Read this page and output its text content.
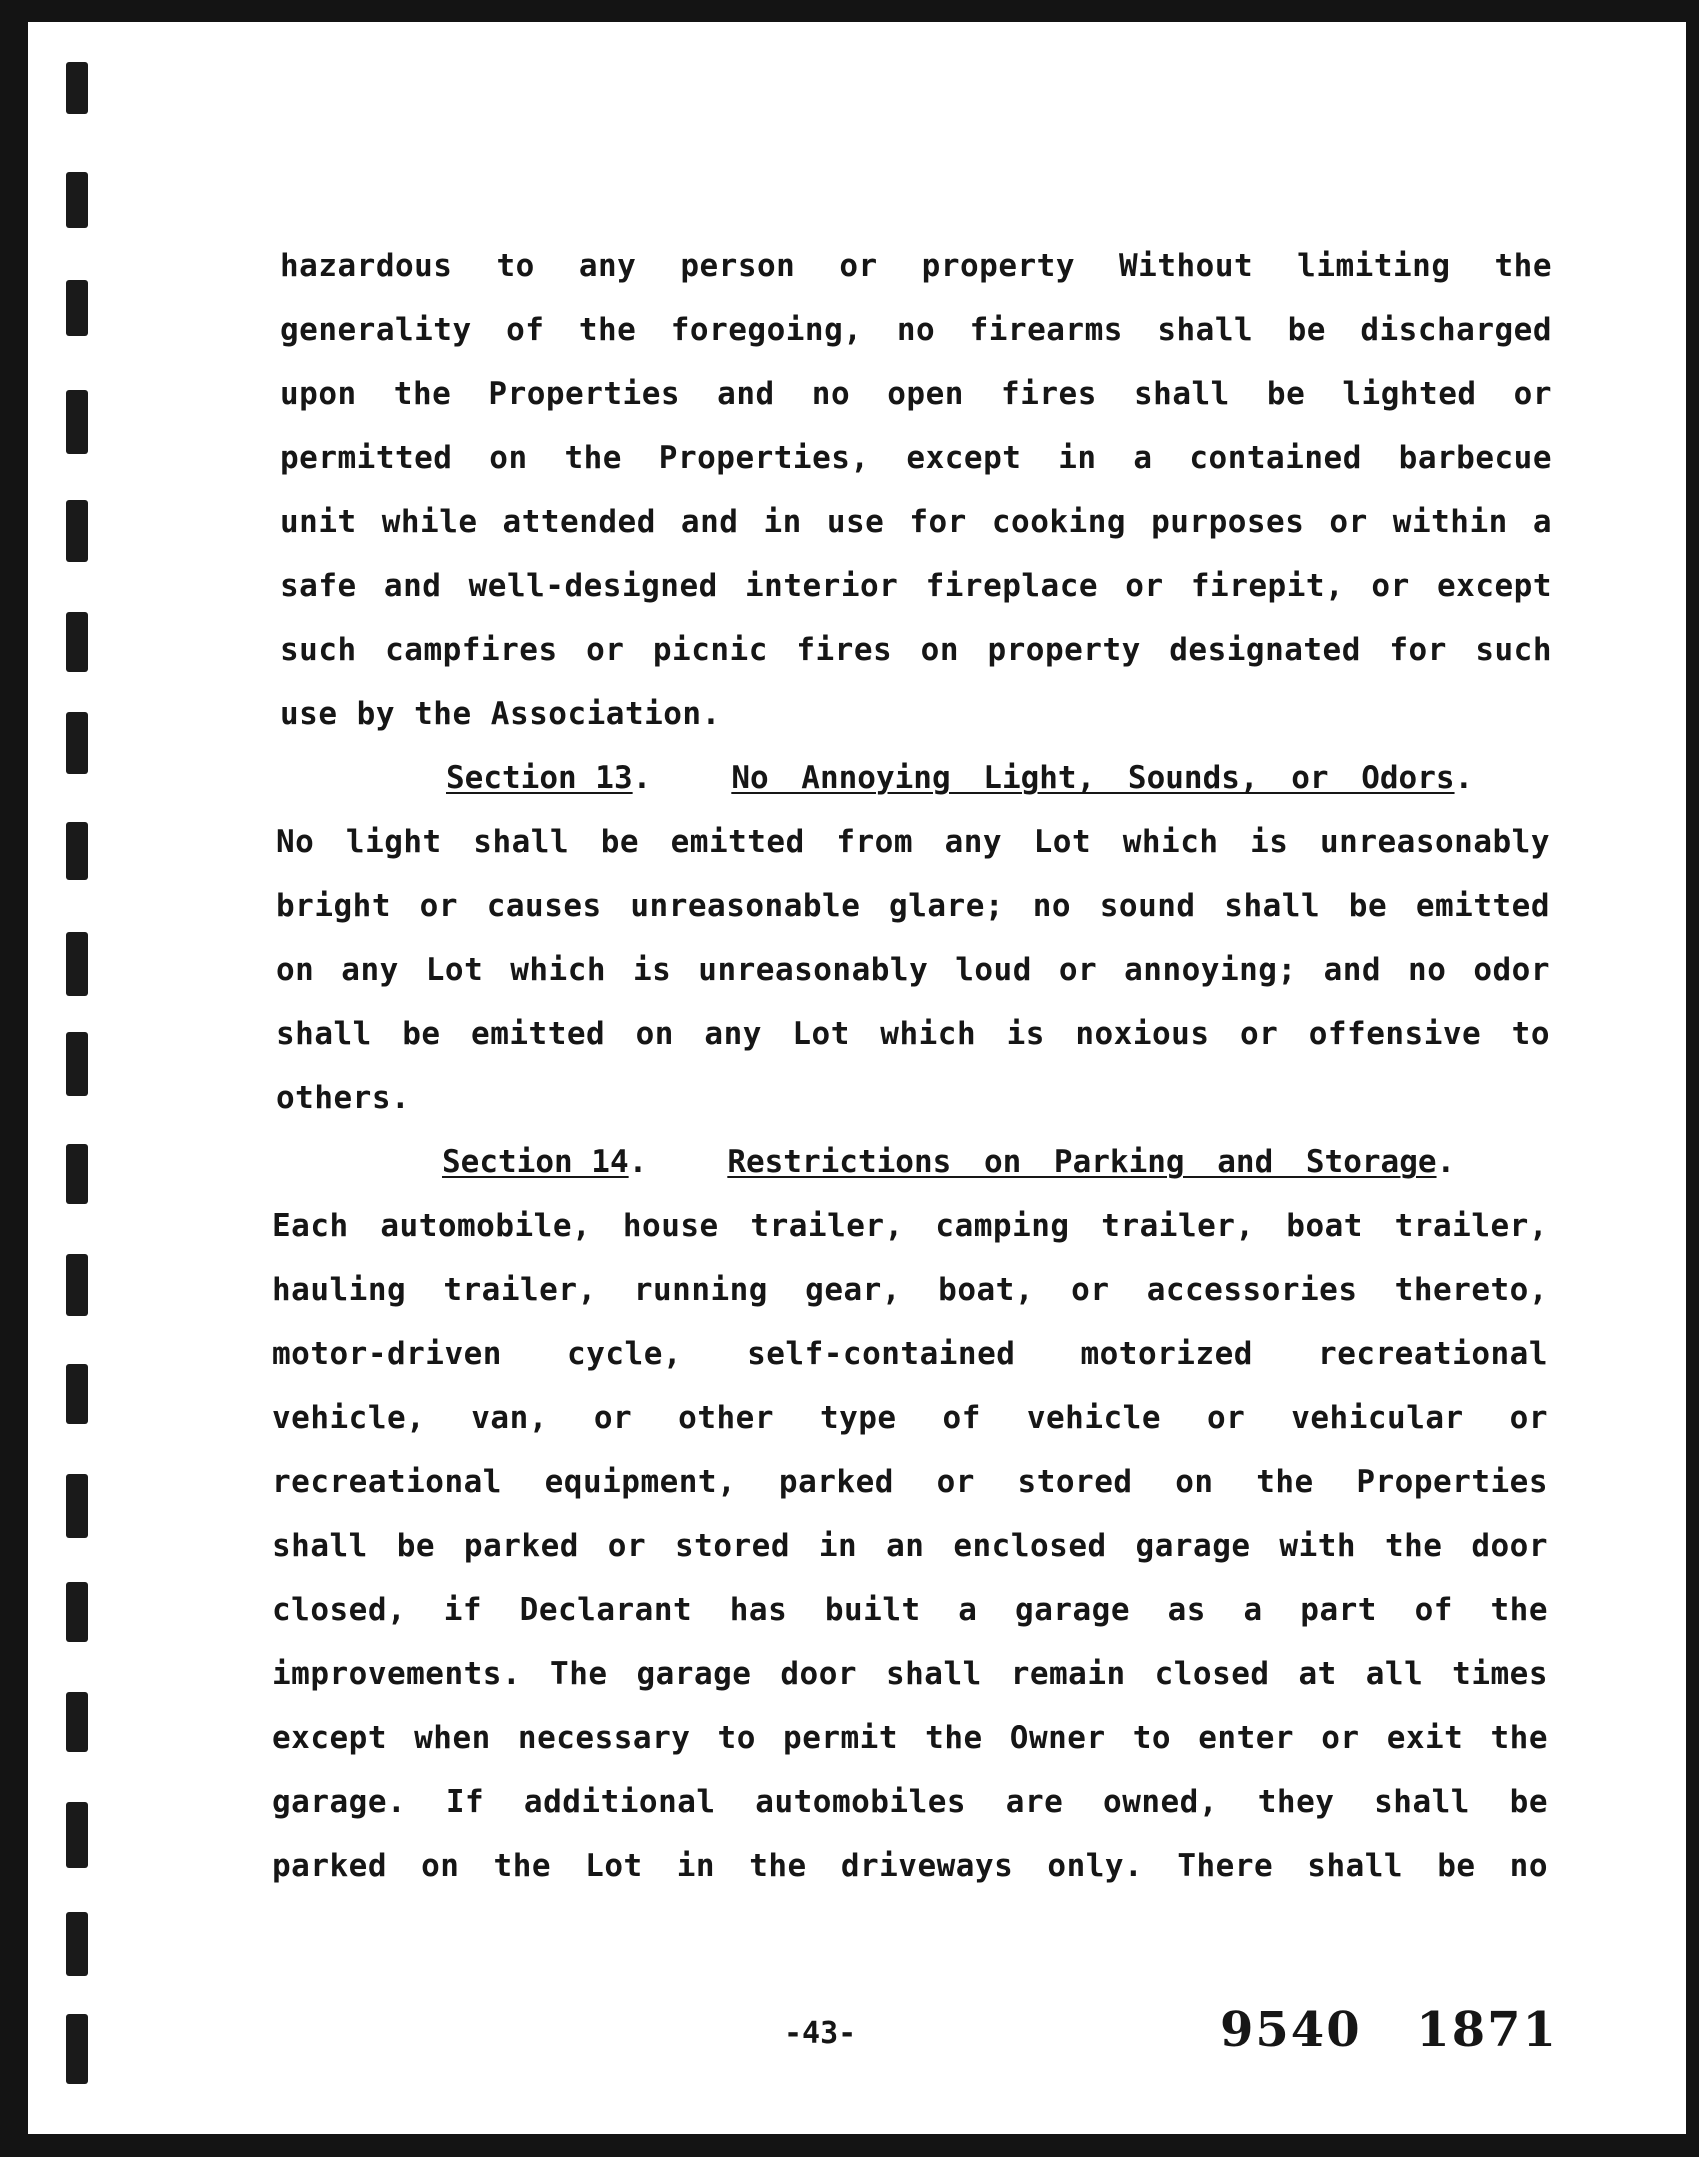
hazardous to any person or property Without limiting the
generality of the foregoing, no firearms shall be discharged
upon the Properties and no open fires shall be lighted or
permitted on the Properties, except in a contained barbecue
unit while attended and in use for cooking purposes or within a
safe and well-designed interior fireplace or firepit, or except
such campfires or picnic fires on property designated for such
use by the Association.
Section 13.	No Annoying Light, Sounds, or Odors.
No light shall be emitted from any Lot which is unreasonably
bright or causes unreasonable glare; no sound shall be emitted
on any Lot which is unreasonably loud or annoying; and no odor
shall be emitted on any Lot which is noxious or offensive to
others.
Section 14.	Restrictions on Parking and Storage.
Each automobile, house trailer, camping trailer, boat trailer,
hauling trailer, running gear, boat, or accessories thereto,
motor-driven cycle, self-contained motorized recreational
vehicle, van, or other type of vehicle or vehicular or
recreational equipment, parked or stored on the Properties
shall be parked or stored in an enclosed garage with the door
closed, if Declarant has built a garage as a part of the
improvements. The garage door shall remain closed at all times
except when necessary to permit the Owner to enter or exit the
garage. If additional automobiles are owned, they shall be
parked on the Lot in the driveways only. There shall be no
-43-	9540 1871
